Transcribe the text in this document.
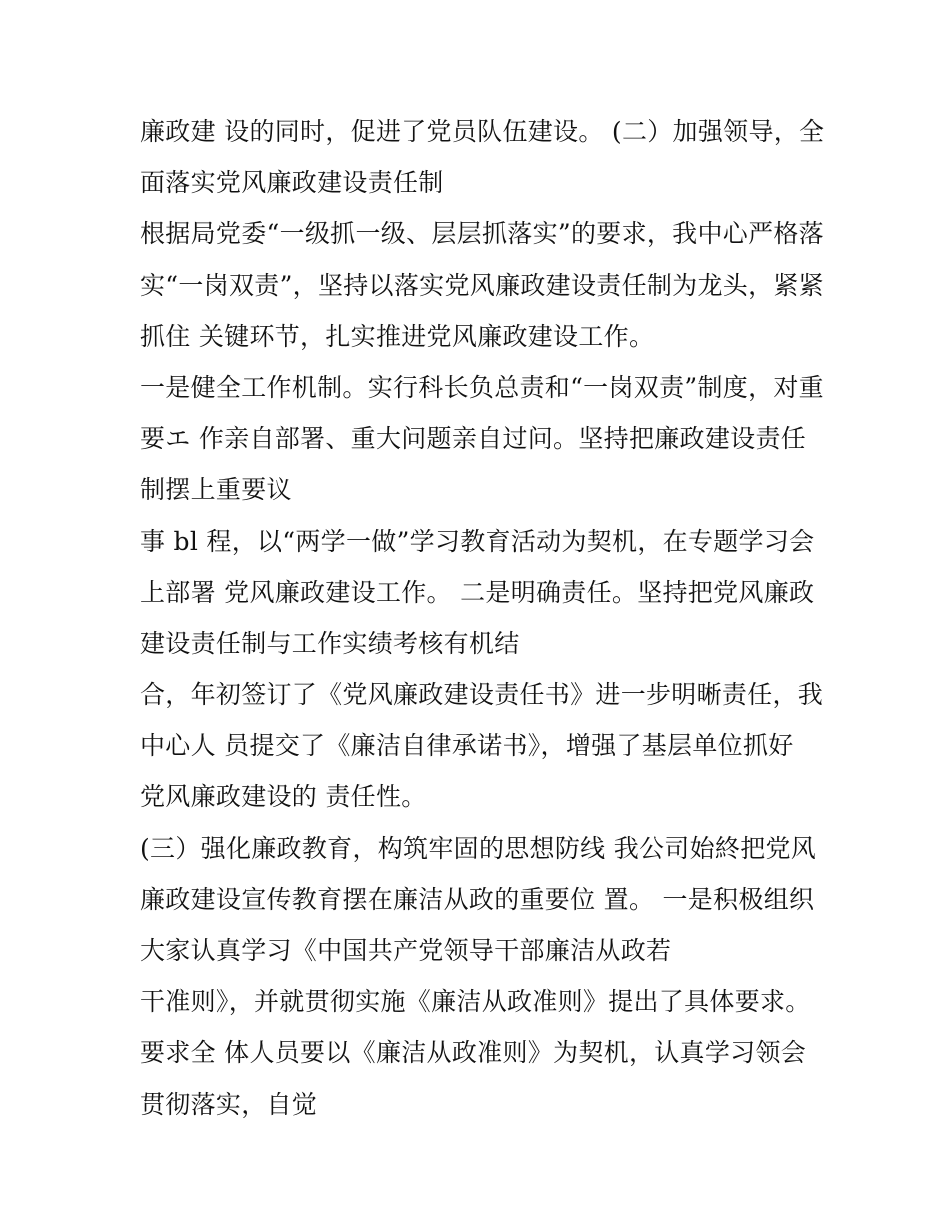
廉政建 设的同时，促进了党员队伍建设。 (二）加强领导，全
面落实党风廉政建设责任制
根据局党委“一级抓一级、层层抓落实”的要求，我中心严格落
实“一岗双责”，坚持以落实党风廉政建设责任制为龙头，紧紧
抓住 关键环节，扎实推进党风廉政建设工作。
一是健全工作机制。实行科长负总责和“一岗双责”制度，对重
要エ 作亲自部署、重大问题亲自过问。坚持把廉政建设责任
制摆上重要议
事 bl 程，以“两学一做”学习教育活动为契机，在专题学习会
上部署 党风廉政建设工作。 二是明确责任。坚持把党风廉政
建设责任制与工作实绩考核有机结
合，年初签订了《党风廉政建设责任书》进一步明晰责任，我
中心人 员提交了《廉洁自律承诺书》，增强了基层单位抓好
党风廉政建设的 责任性。
(三）强化廉政教育，构筑牢固的思想防线 我公司始終把党风
廉政建设宣传教育摆在廉洁从政的重要位 置。 一是积极组织
大家认真学习《中国共产党领导干部廉洁从政若
干准则》，并就贯彻实施《廉洁从政准则》提出了具体要求。
要求全 体人员要以《廉洁从政准则》为契机，认真学习领会
贯彻落实，自觉
